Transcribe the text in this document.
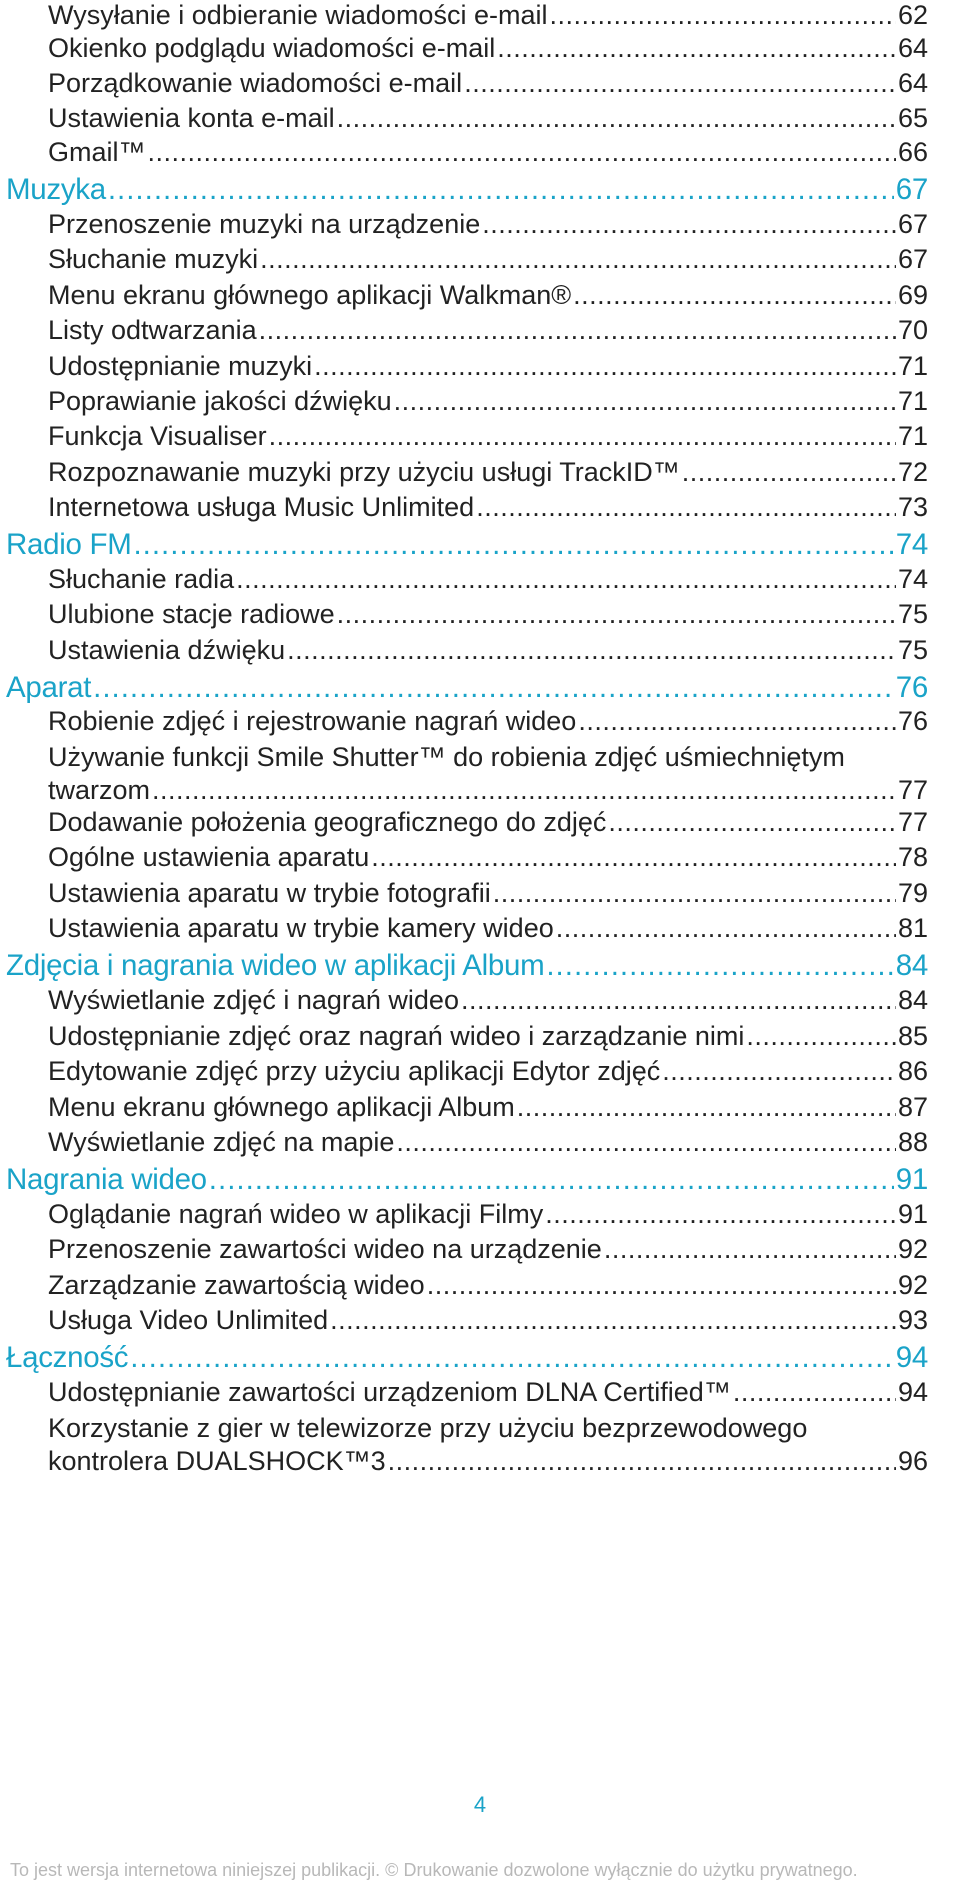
Wysyłanie i odbieranie wiadomości e-mail .....	62
Okienko podglądu wiadomości e-mail .....	64
Porządkowanie wiadomości e-mail .....	64
Ustawienia konta e-mail .....	65
Gmail™ .....	66
Muzyka .....	67
Przenoszenie muzyki na urządzenie .....	67
Słuchanie muzyki .....	67
Menu ekranu głównego aplikacji Walkman® .....	69
Listy odtwarzania .....	70
Udostępnianie muzyki .....	71
Poprawianie jakości dźwięku .....	71
Funkcja Visualiser .....	71
Rozpoznawanie muzyki przy użyciu usługi TrackID™ .....	72
Internetowa usługa Music Unlimited .....	73
Radio FM .....	74
Słuchanie radia .....	74
Ulubione stacje radiowe .....	75
Ustawienia dźwięku .....	75
Aparat .....	76
Robienie zdjęć i rejestrowanie nagrań wideo .....	76
Używanie funkcji Smile Shutter™ do robienia zdjęć uśmiechniętym
twarzom .....	77
Dodawanie położenia geograficznego do zdjęć .....	77
Ogólne ustawienia aparatu .....	78
Ustawienia aparatu w trybie fotografii .....	79
Ustawienia aparatu w trybie kamery wideo .....	81
Zdjęcia i nagrania wideo w aplikacji Album .....	84
Wyświetlanie zdjęć i nagrań wideo .....	84
Udostępnianie zdjęć oraz nagrań wideo i zarządzanie nimi .....	85
Edytowanie zdjęć przy użyciu aplikacji Edytor zdjęć .....	86
Menu ekranu głównego aplikacji Album .....	87
Wyświetlanie zdjęć na mapie .....	88
Nagrania wideo .....	91
Oglądanie nagrań wideo w aplikacji Filmy .....	91
Przenoszenie zawartości wideo na urządzenie .....	92
Zarządzanie zawartością wideo .....	92
Usługa Video Unlimited .....	93
Łączność .....	94
Udostępnianie zawartości urządzeniom DLNA Certified™ .....	94
Korzystanie z gier w telewizorze przy użyciu bezprzewodowego
kontrolera DUALSHOCK™3 .....	96
4
To jest wersja internetowa niniejszej publikacji. © Drukowanie dozwolone wyłącznie do użytku prywatnego.
